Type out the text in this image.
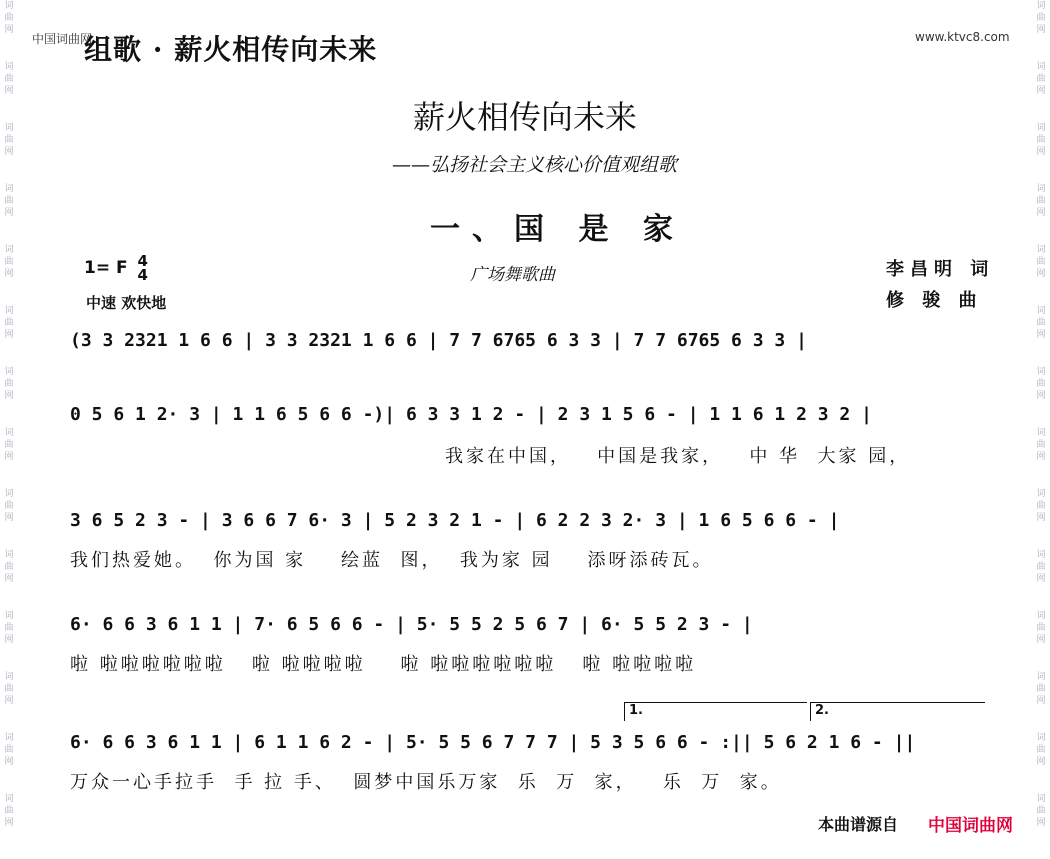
词
曲
网
词
曲
网
词
曲
网
词
曲
网
词
曲
网
词
曲
网
词
曲
网
词
曲
网
词
曲
网
词
曲
网
词
曲
网
词
曲
网
词
曲
网
词
曲
网
词
曲
网
词
曲
网
词
曲
网
词
曲
网
词
曲
网
词
曲
网
词
曲
网
词
曲
网
词
曲
网
词
曲
网
词
曲
网
词
曲
网
词
曲
网
词
曲
网
中国词曲网	www.ktvc8.com
组歌 · 薪火相传向未来
薪火相传向未来
——弘扬社会主义核心价值观组歌
一、国 是 家
1= F 4
4	广场舞歌曲	李昌明 词
中速 欢快地	修 骏 曲
(3 3 2321 1 6 6 | 3 3 2321 1 6 6 | 7 7 6765 6 3 3 | 7 7 6765 6 3 3 |
0 5 6 1 2· 3 | 1 1 6 5 6 6 -)| 6 3 3 1 2 - | 2 3 1 5 6 - | 1 1 6 1 2 3 2 |
我家在中国，   中国是我家，   中 华  大家 园，
3 6 5 2 3 - | 3 6 6 7 6· 3 | 5 2 3 2 1 - | 6 2 2 3 2· 3 | 1 6 5 6 6 - |
我们热爱她。  你为国 家    绘蓝  图，  我为家 园    添呀添砖瓦。
6· 6 6 3 6 1 1 | 7· 6 5 6 6 - | 5· 5 5 2 5 6 7 | 6· 5 5 2 3 - |
啦 啦啦啦啦啦啦   啦 啦啦啦啦    啦 啦啦啦啦啦啦   啦 啦啦啦啦
1.	2.
6· 6 6 3 6 1 1 | 6 1 1 6 2 - | 5· 5 5 6 7 7 7 | 5 3 5 6 6 - :|| 5 6 2 1 6 - ||
万众一心手拉手  手 拉 手、  圆梦中国乐万家  乐  万  家，   乐  万  家。
本曲谱源自 中国词曲网
